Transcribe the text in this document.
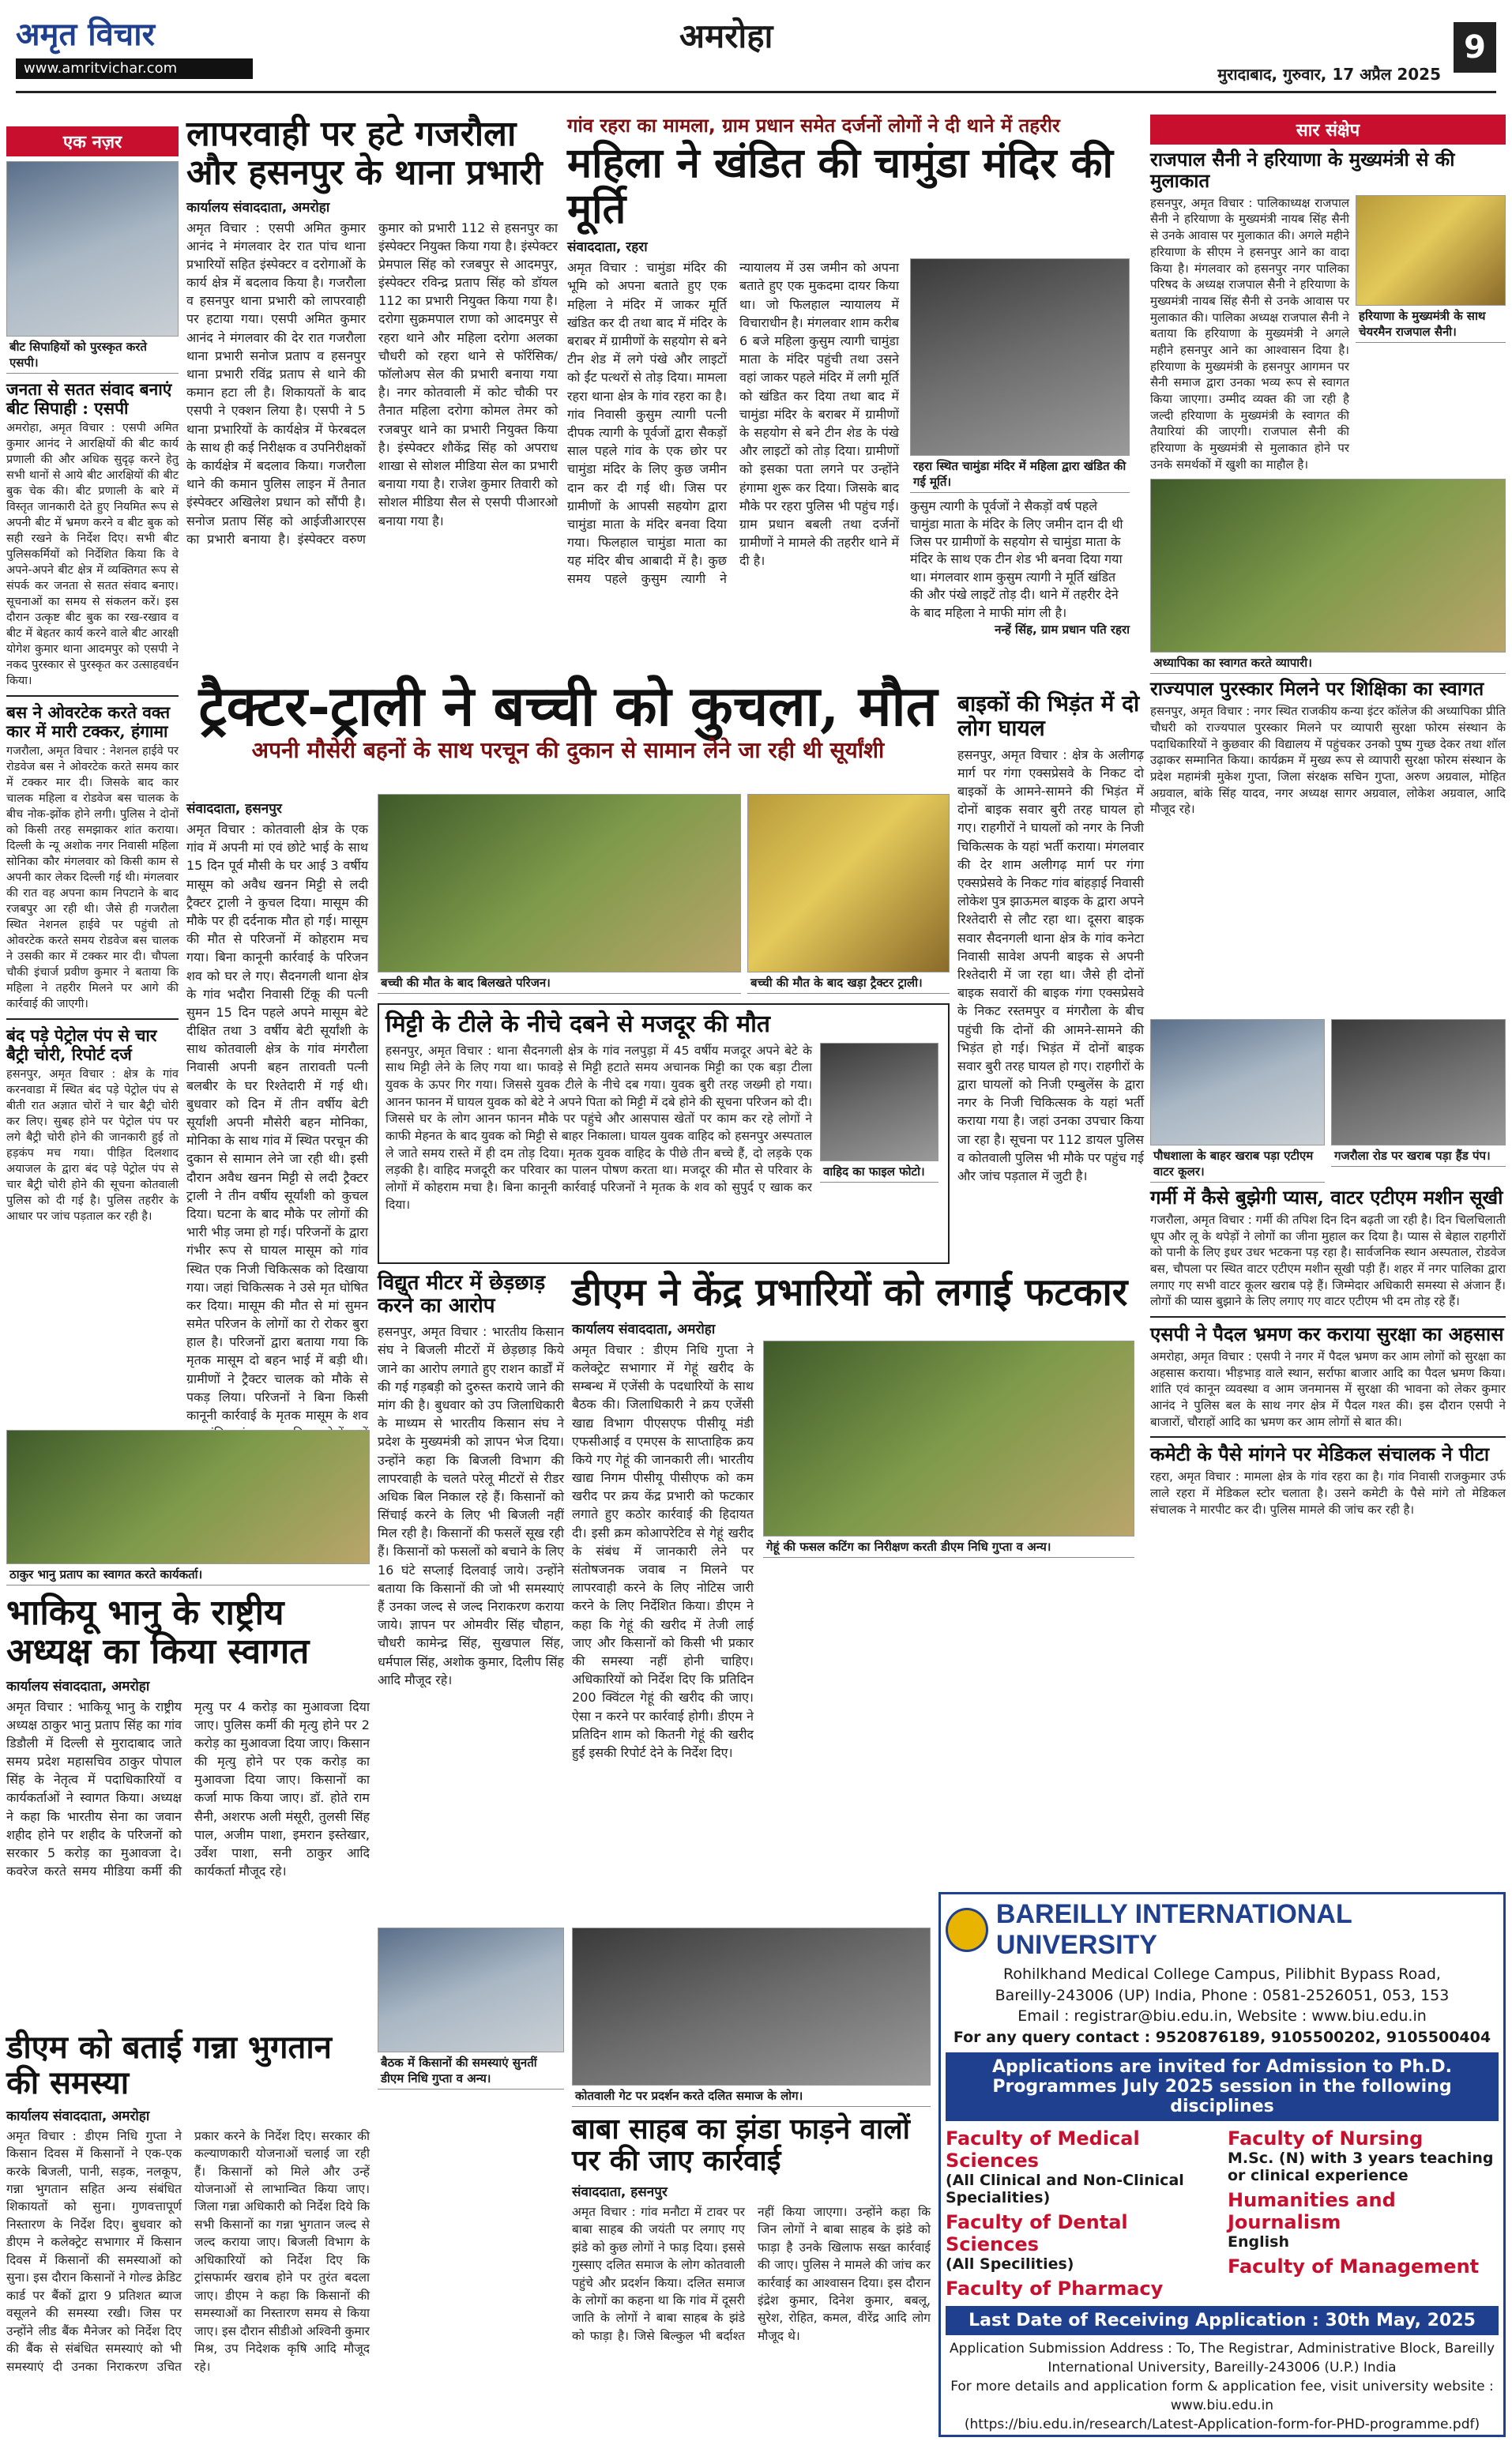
अमृत विचार
www.amritvichar.com
अमरोहा
मुरादाबाद, गुरुवार, 17 अप्रैल 2025
9
एक नज़र
बीट सिपाहियों को पुरस्कृत करते एसपी।
जनता से सतत संवाद बनाएं बीट सिपाही : एसपी
अमरोहा, अमृत विचार : एसपी अमित कुमार आनंद ने आरक्षियों की बीट कार्य प्रणाली की और अधिक सुदृढ़ करने हेतु सभी थानों से आये बीट आरक्षियों की बीट बुक चेक की। बीट प्रणाली के बारे में विस्तृत जानकारी देते हुए नियमित रूप से अपनी बीट में भ्रमण करने व बीट बुक को सही रखने के निर्देश दिए। सभी बीट पुलिसकर्मियों को निर्देशित किया कि वे अपने-अपने बीट क्षेत्र में व्यक्तिगत रूप से संपर्क कर जनता से सतत संवाद बनाए। सूचनाओं का समय से संकलन करें। इस दौरान उत्कृष्ट बीट बुक का रख-रखाव व बीट में बेहतर कार्य करने वाले बीट आरक्षी योगेश कुमार थाना आदमपुर को एसपी ने नकद पुरस्कार से पुरस्कृत कर उत्साहवर्धन किया।
बस ने ओवरटेक करते वक्त कार में मारी टक्कर, हंगामा
गजरौला, अमृत विचार : नेशनल हाईवे पर रोडवेज बस ने ओवरटेक करते समय कार में टक्कर मार दी। जिसके बाद कार चालक महिला व रोडवेज बस चालक के बीच नोक-झोंक होने लगी। पुलिस ने दोनों को किसी तरह समझाकर शांत कराया। दिल्ली के न्यू अशोक नगर निवासी महिला सोनिका कौर मंगलवार को किसी काम से अपनी कार लेकर दिल्ली गई थी। मंगलवार की रात वह अपना काम निपटाने के बाद रजबपुर आ रही थी। जैसे ही गजरौला स्थित नेशनल हाईवे पर पहुंची तो ओवरटेक करते समय रोडवेज बस चालक ने उसकी कार में टक्कर मार दी। चौपला चौकी इंचार्ज प्रवीण कुमार ने बताया कि महिला ने तहरीर मिलने पर आगे की कार्रवाई की जाएगी।
बंद पड़े पेट्रोल पंप से चार बैट्री चोरी, रिपोर्ट दर्ज
हसनपुर, अमृत विचार : क्षेत्र के गांव करनवाडा में स्थित बंद पड़े पेट्रोल पंप से बीती रात अज्ञात चोरों ने चार बैट्री चोरी कर लिए। सुबह होने पर पेट्रोल पंप पर लगे बैट्री चोरी होने की जानकारी हुई तो हड़कंप मच गया। पीड़ित दिलशाद अयाजल के द्वारा बंद पड़े पेट्रोल पंप से चार बैट्री चोरी होने की सूचना कोतवाली पुलिस को दी गई है। पुलिस तहरीर के आधार पर जांच पड़ताल कर रही है।
लापरवाही पर हटे गजरौला और हसनपुर के थाना प्रभारी
कार्यालय संवाददाता, अमरोहा
अमृत विचार : एसपी अमित कुमार आनंद ने मंगलवार देर रात पांच थाना प्रभारियों सहित इंस्पेक्टर व दरोगाओं के कार्य क्षेत्र में बदलाव किया है। गजरौला व हसनपुर थाना प्रभारी को लापरवाही पर हटाया गया। एसपी अमित कुमार आनंद ने मंगलवार की देर रात गजरौला थाना प्रभारी सनोज प्रताप व हसनपुर थाना प्रभारी रविंद्र प्रताप से थाने की कमान हटा ली है। शिकायतों के बाद एसपी ने एक्शन लिया है। एसपी ने 5 थाना प्रभारियों के कार्यक्षेत्र में फेरबदल के साथ ही कई निरीक्षक व उपनिरीक्षकों के कार्यक्षेत्र में बदलाव किया। गजरौला थाने की कमान पुलिस लाइन में तैनात इंस्पेक्टर अखिलेश प्रधान को सौंपी है। सनोज प्रताप सिंह को आईजीआरएस का प्रभारी बनाया है। इंस्पेक्टर वरुण कुमार को प्रभारी 112 से हसनपुर का इंस्पेक्टर नियुक्त किया गया है। इंस्पेक्टर प्रेमपाल सिंह को रजबपुर से आदमपुर, इंस्पेक्टर रविन्द्र प्रताप सिंह को डॉयल 112 का प्रभारी नियुक्त किया गया है। दरोगा सुक्रमपाल राणा को आदमपुर से रहरा थाने और महिला दरोगा अलका चौधरी को रहरा थाने से फॉरेंसिक/फॉलोअप सेल की प्रभारी बनाया गया है। नगर कोतवाली में कोट चौकी पर तैनात महिला दरोगा कोमल तेमर को रजबपुर थाने का प्रभारी नियुक्त किया है। इंस्पेक्टर शौकेंद्र सिंह को अपराध शाखा से सोशल मीडिया सेल का प्रभारी बनाया गया है। राजेश कुमार तिवारी को सोशल मीडिया सैल से एसपी पीआरओ बनाया गया है।
गांव रहरा का मामला, ग्राम प्रधान समेत दर्जनों लोगों ने दी थाने में तहरीर
महिला ने खंडित की चामुंडा मंदिर की मूर्ति
संवाददाता, रहरा
अमृत विचार : चामुंडा मंदिर की भूमि को अपना बताते हुए एक महिला ने मंदिर में जाकर मूर्ति खंडित कर दी तथा बाद में मंदिर के बराबर में ग्रामीणों के सहयोग से बने टीन शेड में लगे पंखे और लाइटों को ईंट पत्थरों से तोड़ दिया। मामला रहरा थाना क्षेत्र के गांव रहरा का है। गांव निवासी कुसुम त्यागी पत्नी दीपक त्यागी के पूर्वजों द्वारा सैकड़ों साल पहले गांव के एक छोर पर चामुंडा मंदिर के लिए कुछ जमीन दान कर दी गई थी। जिस पर ग्रामीणों के आपसी सहयोग द्वारा चामुंडा माता के मंदिर बनवा दिया गया। फिलहाल चामुंडा माता का यह मंदिर बीच आबादी में है। कुछ समय पहले कुसुम त्यागी ने न्यायालय में उस जमीन को अपना बताते हुए एक मुकदमा दायर किया था। जो फिलहाल न्यायालय में विचाराधीन है। मंगलवार शाम करीब 6 बजे महिला कुसुम त्यागी चामुंडा माता के मंदिर पहुंची तथा उसने वहां जाकर पहले मंदिर में लगी मूर्ति को खंडित कर दिया तथा बाद में चामुंडा मंदिर के बराबर में ग्रामीणों के सहयोग से बने टीन शेड के पंखे और लाइटों को तोड़ दिया। ग्रामीणों को इसका पता लगने पर उन्होंने हंगामा शुरू कर दिया। जिसके बाद मौके पर रहरा पुलिस भी पहुंच गई। ग्राम प्रधान बबली तथा दर्जनों ग्रामीणों ने मामले की तहरीर थाने में दी है।
रहरा स्थित चामुंडा मंदिर में महिला द्वारा खंडित की गई मूर्ति।
कुसुम त्यागी के पूर्वजों ने सैकड़ों वर्ष पहले चामुंडा माता के मंदिर के लिए जमीन दान दी थी जिस पर ग्रामीणों के सहयोग से चामुंडा माता के मंदिर के साथ एक टीन शेड भी बनवा दिया गया था। मंगलवार शाम कुसुम त्यागी ने मूर्ति खंडित की और पंखे लाइटें तोड़ दी। थाने में तहरीर देने के बाद महिला ने माफी मांग ली है।
नन्हें सिंह, ग्राम प्रधान पति रहरा
सार संक्षेप
राजपाल सैनी ने हरियाणा के मुख्यमंत्री से की मुलाकात
हसनपुर, अमृत विचार : पालिकाध्यक्ष राजपाल सैनी ने हरियाणा के मुख्यमंत्री नायब सिंह सैनी से उनके आवास पर मुलाकात की। अगले महीने हरियाणा के सीएम ने हसनपुर आने का वादा किया है। मंगलवार को हसनपुर नगर पालिका परिषद के अध्यक्ष राजपाल सैनी ने हरियाणा के मुख्यमंत्री नायब सिंह सैनी से उनके आवास पर मुलाकात की। पालिका अध्यक्ष राजपाल सैनी ने बताया कि हरियाणा के मुख्यमंत्री ने अगले महीने हसनपुर आने का आश्वासन दिया है। हरियाणा के मुख्यमंत्री के हसनपुर आगमन पर सैनी समाज द्वारा उनका भव्य रूप से स्वागत किया जाएगा। उम्मीद व्यक्त की जा रही है जल्दी हरियाणा के मुख्यमंत्री के स्वागत की तैयारियां की जाएगी। राजपाल सैनी की हरियाणा के मुख्यमंत्री से मुलाकात होने पर उनके समर्थकों में खुशी का माहौल है।
हरियाणा के मुख्यमंत्री के साथ चेयरमैन राजपाल सैनी।
अध्यापिका का स्वागत करते व्यापारी।
राज्यपाल पुरस्कार मिलने पर शिक्षिका का स्वागत
हसनपुर, अमृत विचार : नगर स्थित राजकीय कन्या इंटर कॉलेज की अध्यापिका प्रीति चौधरी को राज्यपाल पुरस्कार मिलने पर व्यापारी सुरक्षा फोरम संस्थान के पदाधिकारियों ने कुछवार की विद्यालय में पहुंचकर उनको पुष्प गुच्छ देकर तथा शॉल उढ़ाकर सम्मानित किया। कार्यक्रम में मुख्य रूप से व्यापारी सुरक्षा फोरम संस्थान के प्रदेश महामंत्री मुकेश गुप्ता, जिला संरक्षक सचिन गुप्ता, अरुण अग्रवाल, मोहित अग्रवाल, बांके सिंह यादव, नगर अध्यक्ष सागर अग्रवाल, लोकेश अग्रवाल, आदि मौजूद रहे।
पौधशाला के बाहर खराब पड़ा एटीएम वाटर कूलर।
गजरौला रोड पर खराब पड़ा हैंड पंप।
गर्मी में कैसे बुझेगी प्यास, वाटर एटीएम मशीन सूखी
गजरौला, अमृत विचार : गर्मी की तपिश दिन दिन बढ़ती जा रही है। दिन चिलचिलाती धूप और लू के थपेड़ों ने लोगों का जीना मुहाल कर दिया है। प्यास से बेहाल राहगीरों को पानी के लिए इधर उधर भटकना पड़ रहा है। सार्वजनिक स्थान अस्पताल, रोडवेज बस, चौपला पर स्थित वाटर एटीएम मशीन सूखी पड़ी हैं। शहर में नगर पालिका द्वारा लगाए गए सभी वाटर कूलर खराब पड़े हैं। जिम्मेदार अधिकारी समस्या से अंजान हैं। लोगों की प्यास बुझाने के लिए लगाए गए वाटर एटीएम भी दम तोड़ रहे हैं।
एसपी ने पैदल भ्रमण कर कराया सुरक्षा का अहसास
अमरोहा, अमृत विचार : एसपी ने नगर में पैदल भ्रमण कर आम लोगों को सुरक्षा का अहसास कराया। भीड़भाड़ वाले स्थान, सर्राफा बाजार आदि का पैदल भ्रमण किया। शांति एवं कानून व्यवस्था व आम जनमानस में सुरक्षा की भावना को लेकर कुमार आनंद ने पुलिस बल के साथ नगर क्षेत्र में पैदल गश्त की। इस दौरान एसपी ने बाजारों, चौराहों आदि का भ्रमण कर आम लोगों से बात की।
कमेटी के पैसे मांगने पर मेडिकल संचालक ने पीटा
रहरा, अमृत विचार : मामला क्षेत्र के गांव रहरा का है। गांव निवासी राजकुमार उर्फ लाले रहरा में मेडिकल स्टोर चलाता है। उसने कमेटी के पैसे मांगे तो मेडिकल संचालक ने मारपीट कर दी। पुलिस मामले की जांच कर रही है।
ट्रैक्टर-ट्राली ने बच्ची को कुचला, मौत
अपनी मौसेरी बहनों के साथ परचून की दुकान से सामान लेने जा रही थी सूर्यांशी
संवाददाता, हसनपुर
अमृत विचार : कोतवाली क्षेत्र के एक गांव में अपनी मां एवं छोटे भाई के साथ 15 दिन पूर्व मौसी के घर आई 3 वर्षीय मासूम को अवैध खनन मिट्टी से लदी ट्रैक्टर ट्राली ने कुचल दिया। मासूम की मौके पर ही दर्दनाक मौत हो गई। मासूम की मौत से परिजनों में कोहराम मच गया। बिना कानूनी कार्रवाई के परिजन शव को घर ले गए। सैदनगली थाना क्षेत्र के गांव भदौरा निवासी टिंकू की पत्नी सुमन 15 दिन पहले अपने मासूम बेटे दीक्षित तथा 3 वर्षीय बेटी सूर्यांशी के साथ कोतवाली क्षेत्र के गांव मंगरौला निवासी अपनी बहन तारावती पत्नी बलबीर के घर रिश्तेदारी में गई थी। बुधवार को दिन में तीन वर्षीय बेटी सूर्यांशी अपनी मौसेरी बहन मोनिका, मोनिका के साथ गांव में स्थित परचून की दुकान से सामान लेने जा रही थी। इसी दौरान अवैध खनन मिट्टी से लदी ट्रैक्टर ट्राली ने तीन वर्षीय सूर्यांशी को कुचल दिया। घटना के बाद मौके पर लोगों की भारी भीड़ जमा हो गई। परिजनों के द्वारा गंभीर रूप से घायल मासूम को गांव स्थित एक निजी चिकित्सक को दिखाया गया। जहां चिकित्सक ने उसे मृत घोषित कर दिया। मासूम की मौत से मां सुमन समेत परिजन के लोगों का रो रोकर बुरा हाल है। परिजनों द्वारा बताया गया कि मृतक मासूम दो बहन भाई में बड़ी थी। ग्रामीणों ने ट्रैक्टर चालक को मौके से पकड़ लिया। परिजनों ने बिना किसी कानूनी कार्रवाई के मृतक मासूम के शव
बच्ची की मौत के बाद बिलखते परिजन।	बच्ची की मौत के बाद खड़ा ट्रैक्टर ट्राली।
मिट्टी के टीले के नीचे दबने से मजदूर की मौत
हसनपुर, अमृत विचार : थाना सैदनगली क्षेत्र के गांव नलपुड़ा में 45 वर्षीय मजदूर अपने बेटे के साथ मिट्टी लेने के लिए गया था। फावड़े से मिट्टी हटाते समय अचानक मिट्टी का एक बड़ा टीला युवक के ऊपर गिर गया। जिससे युवक टीले के नीचे दब गया। युवक बुरी तरह जख्मी हो गया। आनन फानन में घायल युवक को बेटे ने अपने पिता को मिट्टी में दबे होने की सूचना परिजन को दी। जिससे घर के लोग आनन फानन मौके पर पहुंचे और आसपास खेतों पर काम कर रहे लोगों ने काफी मेहनत के बाद युवक को मिट्टी से बाहर निकाला। घायल युवक वाहिद को हसनपुर अस्पताल ले जाते समय रास्ते में ही दम तोड़ दिया। मृतक युवक वाहिद के पीछे तीन बच्चे हैं, दो लड़के एक लड़की है। वाहिद मजदूरी कर परिवार का पालन पोषण करता था। मजदूर की मौत से परिवार के लोगों में कोहराम मचा है। बिना कानूनी कार्रवाई परिजनों ने मृतक के शव को सुपुर्द ए खाक कर दिया।
वाहिद का फाइल फोटो।
बाइकों की भिड़ंत में दो लोग घायल
हसनपुर, अमृत विचार : क्षेत्र के अलीगढ़ मार्ग पर गंगा एक्सप्रेसवे के निकट दो बाइकों के आमने-सामने की भिड़ंत में दोनों बाइक सवार बुरी तरह घायल हो गए। राहगीरों ने घायलों को नगर के निजी चिकित्सक के यहां भर्ती कराया। मंगलवार की देर शाम अलीगढ़ मार्ग पर गंगा एक्सप्रेसवे के निकट गांव बांहड़ाई निवासी लोकेश पुत्र झाऊमल बाइक के द्वारा अपने रिश्तेदारी से लौट रहा था। दूसरा बाइक सवार सैदनगली थाना क्षेत्र के गांव कनेटा निवासी सावेश अपनी बाइक से अपनी रिश्तेदारी में जा रहा था। जैसे ही दोनों बाइक सवारों की बाइक गंगा एक्सप्रेसवे के निकट रस्तमपुर व मंगरौला के बीच पहुंची कि दोनों की आमने-सामने की भिड़ंत हो गई। भिड़ंत में दोनों बाइक सवार बुरी तरह घायल हो गए। राहगीरों के द्वारा घायलों को निजी एम्बुलेंस के द्वारा नगर के निजी चिकित्सक के यहां भर्ती कराया गया है। जहां उनका उपचार किया जा रहा है। सूचना पर 112 डायल पुलिस व कोतवाली पुलिस भी मौके पर पहुंच गई और जांच पड़ताल में जुटी है।
ठाकुर भानु प्रताप का स्वागत करते कार्यकर्ता।
भाकियू भानु के राष्ट्रीय अध्यक्ष का किया स्वागत
कार्यालय संवाददाता, अमरोहा
अमृत विचार : भाकियू भानु के राष्ट्रीय अध्यक्ष ठाकुर भानु प्रताप सिंह का गांव डिडौली में दिल्ली से मुरादाबाद जाते समय प्रदेश महासचिव ठाकुर पोपाल सिंह के नेतृत्व में पदाधिकारियों व कार्यकर्ताओं ने स्वागत किया। अध्यक्ष ने कहा कि भारतीय सेना का जवान शहीद होने पर शहीद के परिजनों को सरकार 5 करोड़ का मुआवजा दे। कवरेज करते समय मीडिया कर्मी की मृत्यु पर 4 करोड़ का मुआवजा दिया जाए। पुलिस कर्मी की मृत्यु होने पर 2 करोड़ का मुआवजा दिया जाए। किसान की मृत्यु होने पर एक करोड़ का मुआवजा दिया जाए। किसानों का कर्जा माफ किया जाए। डॉ. होते राम सैनी, अशरफ अली मंसूरी, तुलसी सिंह पाल, अजीम पाशा, इमरान इस्तेखार, उर्वेश पाशा, सनी ठाकुर आदि कार्यकर्ता मौजूद रहे।
विद्युत मीटर में छेड़छाड़ करने का आरोप
हसनपुर, अमृत विचार : भारतीय किसान संघ ने बिजली मीटरों में छेड़छाड़ किये जाने का आरोप लगाते हुए राशन कार्डों में की गई गड़बड़ी को दुरुस्त कराये जाने की मांग की है। बुधवार को उप जिलाधिकारी के माध्यम से भारतीय किसान संघ ने प्रदेश के मुख्यमंत्री को ज्ञापन भेज दिया। उन्होंने कहा कि बिजली विभाग की लापरवाही के चलते परेलू मीटरों से रीडर अधिक बिल निकाल रहे हैं। किसानों को सिंचाई करने के लिए भी बिजली नहीं मिल रही है। किसानों की फसलें सूख रही हैं। किसानों को फसलों को बचाने के लिए 16 घंटे सप्लाई दिलवाई जाये। उन्होंने बताया कि किसानों की जो भी समस्याएं हैं उनका जल्द से जल्द निराकरण कराया जाये। ज्ञापन पर ओमवीर सिंह चौहान, चौधरी कामेन्द्र सिंह, सुखपाल सिंह, धर्मपाल सिंह, अशोक कुमार, दिलीप सिंह आदि मौजूद रहे।
डीएम ने केंद्र प्रभारियों को लगाई फटकार
कार्यालय संवाददाता, अमरोहा
अमृत विचार : डीएम निधि गुप्ता ने कलेक्ट्रेट सभागार में गेहूं खरीद के सम्बन्ध में एजेंसी के पदधारियों के साथ बैठक की। जिलाधिकारी ने क्रय एजेंसी खाद्य विभाग पीएसएफ पीसीयू मंडी एफसीआई व एमएस के साप्ताहिक क्रय किये गए गेहूं की जानकारी ली। भारतीय खाद्य निगम पीसीयू पीसीएफ को कम खरीद पर क्रय केंद्र प्रभारी को फटकार लगाते हुए कठोर कार्रवाई की हिदायत दी। इसी क्रम कोआपरेटिव से गेहूं खरीद के संबंध में जानकारी लेने पर संतोषजनक जवाब न मिलने पर लापरवाही करने के लिए नोटिस जारी करने के लिए निर्देशित किया। डीएम ने कहा कि गेहूं की खरीद में तेजी लाई जाए और किसानों को किसी भी प्रकार की समस्या नहीं होनी चाहिए। अधिकारियों को निर्देश दिए कि प्रतिदिन 200 क्विंटल गेहूं की खरीद की जाए। ऐसा न करने पर कार्रवाई होगी। डीएम ने प्रतिदिन शाम को कितनी गेहूं की खरीद हुई इसकी रिपोर्ट देने के निर्देश दिए।
गेहूं की फसल कटिंग का निरीक्षण करती डीएम निधि गुप्ता व अन्य।
डीएम को बताई गन्ना भुगतान की समस्या
कार्यालय संवाददाता, अमरोहा
अमृत विचार : डीएम निधि गुप्ता ने किसान दिवस में किसानों ने एक-एक करके बिजली, पानी, सड़क, नलकूप, गन्ना भुगतान सहित अन्य संबंधित शिकायतों को सुना। गुणवत्तापूर्ण निस्तारण के निर्देश दिए। बुधवार को डीएम ने कलेक्ट्रेट सभागार में किसान दिवस में किसानों की समस्याओं को सुना। इस दौरान किसानों ने गोल्ड क्रेडिट कार्ड पर बैंकों द्वारा 9 प्रतिशत ब्याज वसूलने की समस्या रखी। जिस पर उन्होंने लीड बैंक मैनेजर को निर्देश दिए की बैंक से संबंधित समस्याएं को भी समस्याएं दी उनका निराकरण उचित प्रकार करने के निर्देश दिए। सरकार की कल्याणकारी योजनाओं चलाई जा रही हैं। किसानों को मिले और उन्हें योजनाओं से लाभान्वित किया जाए। जिला गन्ना अधिकारी को निर्देश दिये कि सभी किसानों का गन्ना भुगतान जल्द से जल्द कराया जाए। बिजली विभाग के अधिकारियों को निर्देश दिए कि ट्रांसफार्मर खराब होने पर तुरंत बदला जाए। डीएम ने कहा कि किसानों की समस्याओं का निस्तारण समय से किया जाए। इस दौरान सीडीओ अश्विनी कुमार मिश्र, उप निदेशक कृषि आदि मौजूद रहे।
बैठक में किसानों की समस्याएं सुनतीं डीएम निधि गुप्ता व अन्य।
कोतवाली गेट पर प्रदर्शन करते दलित समाज के लोग।
बाबा साहब का झंडा फाड़ने वालों पर की जाए कार्रवाई
संवाददाता, हसनपुर
अमृत विचार : गांव मनौटा में टावर पर बाबा साहब की जयंती पर लगाए गए झंडे को कुछ लोगों ने फाड़ दिया। इससे गुस्साए दलित समाज के लोग कोतवाली पहुंचे और प्रदर्शन किया। दलित समाज के लोगों का कहना था कि गांव में दूसरी जाति के लोगों ने बाबा साहब के झंडे को फाड़ा है। जिसे बिल्कुल भी बर्दाश्त नहीं किया जाएगा। उन्होंने कहा कि जिन लोगों ने बाबा साहब के झंडे को फाड़ा है उनके खिलाफ सख्त कार्रवाई की जाए। पुलिस ने मामले की जांच कर कार्रवाई का आश्वासन दिया। इस दौरान इंद्रेश कुमार, दिनेश कुमार, बबलू, सुरेश, रोहित, कमल, वीरेंद्र आदि लोग मौजूद थे।
BAREILLY INTERNATIONAL UNIVERSITY
Rohilkhand Medical College Campus, Pilibhit Bypass Road,
Bareilly-243006 (UP) India, Phone : 0581-2526051, 053, 153
Email : registrar@biu.edu.in, Website : www.biu.edu.in
For any query contact : 9520876189, 9105500202, 9105500404
Applications are invited for Admission to Ph.D. Programmes July 2025 session in the following disciplines
Faculty of Medical Sciences
(All Clinical and Non-Clinical Specialities)
Faculty of Dental Sciences
(All Specilities)
Faculty of Pharmacy
Faculty of Nursing
M.Sc. (N) with 3 years teaching or clinical experience
Humanities and Journalism
English
Faculty of Management
Last Date of Receiving Application : 30th May, 2025
Application Submission Address : To, The Registrar, Administrative Block, Bareilly International University, Bareilly-243006 (U.P.) India
For more details and application form & application fee, visit university website : www.biu.edu.in
(https://biu.edu.in/research/Latest-Application-form-for-PHD-programme.pdf)
